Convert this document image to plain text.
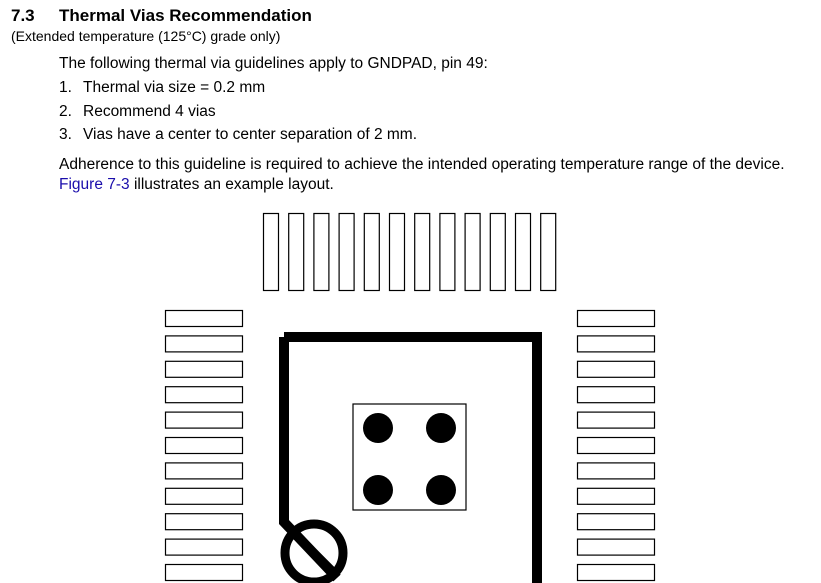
7.3 Thermal Vias Recommendation
(Extended temperature (125°C) grade only)
The following thermal via guidelines apply to GNDPAD, pin 49:
1. Thermal via size = 0.2 mm
2. Recommend 4 vias
3. Vias have a center to center separation of 2 mm.
Adherence to this guideline is required to achieve the intended operating temperature range of the device.
Figure 7-3 illustrates an example layout.
